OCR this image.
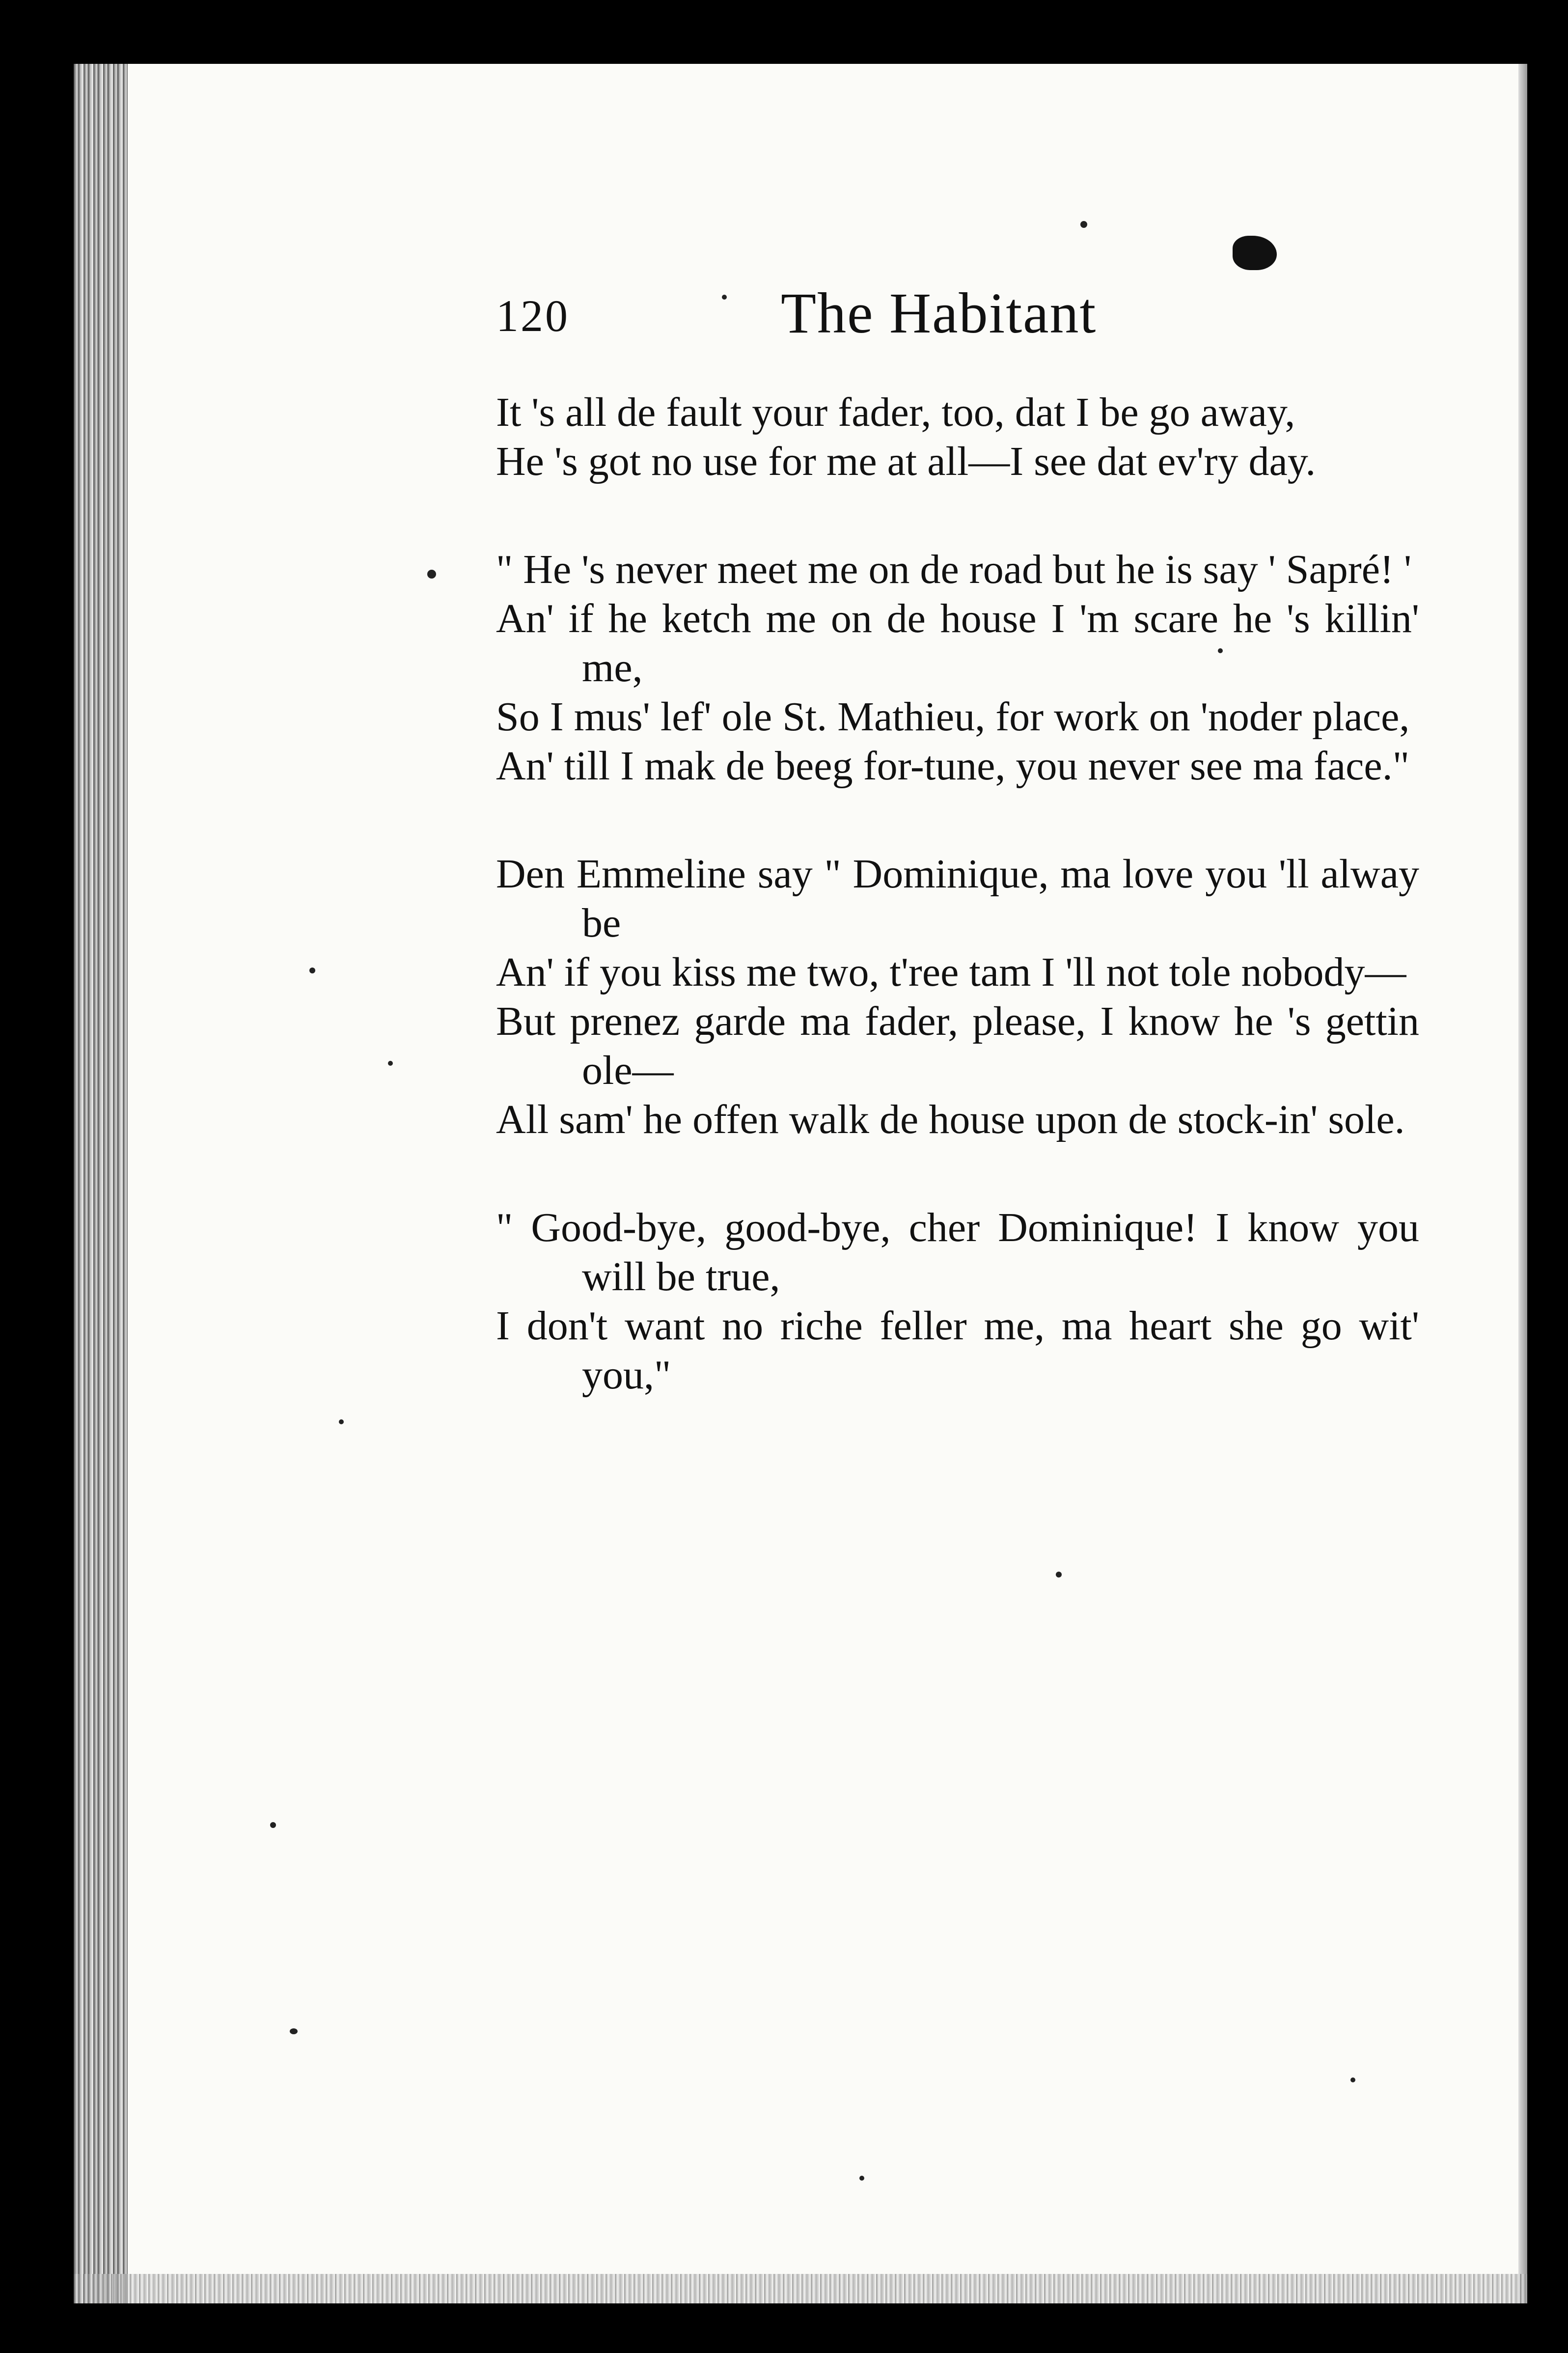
120	The Habitant

It 's all de fault your fader, too, dat I be go away,

He 's got no use for me at all—I see dat ev'ry day.

" He 's never meet me on de road but he is say ' Sapré! '

An' if he ketch me on de house I 'm scare he 's killin' me,

So I mus' lef' ole St. Mathieu, for work on 'noder place,

An' till I mak de beeg for-tune, you never see ma face."

Den Emmeline say " Dominique, ma love you 'll alway be

An' if you kiss me two, t'ree tam I 'll not tole nobody—

But prenez garde ma fader, please, I know he 's gettin ole—

All sam' he offen walk de house upon de stock-in' sole.

" Good-bye, good-bye, cher Dominique! I know you will be true,

I don't want no riche feller me, ma heart she go wit' you,"
